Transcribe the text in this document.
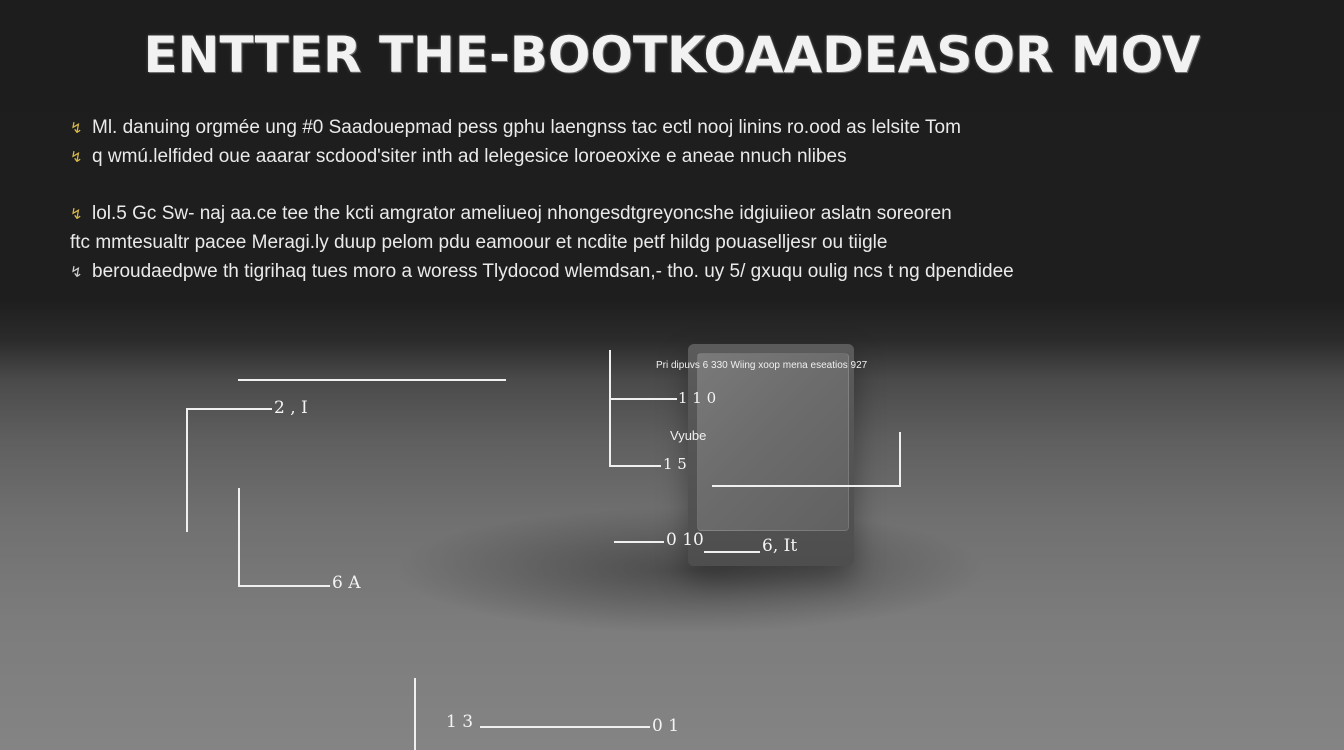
ENTTER THE-BOOTKOAADEASOR MOV
↯ Ml. danuing orgmée ung #0 Saadouepmad pess gphu laengnss tac ectl nooj linins ro.ood as lelsite Tom
↯ q wmú.lelfided oue aaarar scdood'siter inth ad lelegesice loroeoxixe e aneae nnuch nlibes
↯ lol.5 Gc Sw- naj aa.ce tee the kcti amgrator ameliueoj nhongesdtgreyoncshe idgiuiieor aslatn soreoren
ftc mmtesualtr pacee Meragi.ly duup pelom pdu eamoour et ncdite petf hildg pouaselljesr ou tiigle
↯ beroudaedpwe th tigrihaq tues moro a woress Tlydocod wlemdsan,- tho. uy 5/ gxuqu oulig ncs t ng dpendidee
2 , I
6 A
Pri dipuvs 6 330 Wiing xoop mena eseatios 927
1 1 0
Vyube
1 5
0 10	6, It
1 3	0 1
